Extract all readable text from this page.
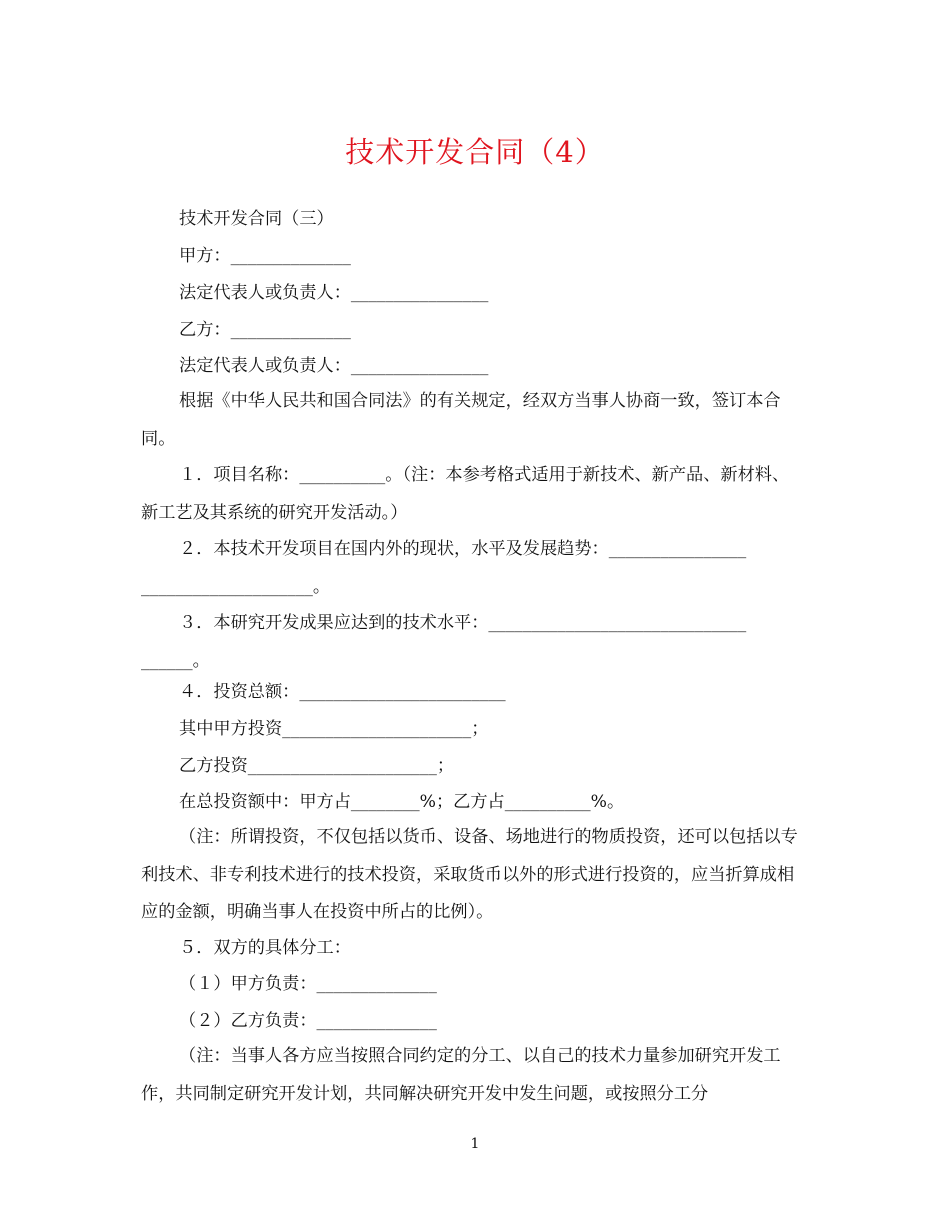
技术开发合同（4）

技术开发合同（三）

甲方：______________

法定代表人或负责人：________________

乙方：______________

法定代表人或负责人：________________

根据《中华人民共和国合同法》的有关规定，经双方当事人协商一致，签订本合同。

１．项目名称：__________。（注：本参考格式适用于新技术、新产品、新材料、新工艺及其系统的研究开发活动。）

２．本技术开发项目在国内外的现状，水平及发展趋势：________________ ____________________。

３．本研究开发成果应达到的技术水平：______________________________ ______。

４．投资总额：________________________

其中甲方投资______________________；

乙方投资______________________；

在总投资额中：甲方占________%；乙方占__________%。

（注：所谓投资，不仅包括以货币、设备、场地进行的物质投资，还可以包括以专利技术、非专利技术进行的技术投资，采取货币以外的形式进行投资的，应当折算成相应的金额，明确当事人在投资中所占的比例）。

５．双方的具体分工：

（１）甲方负责：______________

（２）乙方负责：______________

（注：当事人各方应当按照合同约定的分工、以自己的技术力量参加研究开发工作，共同制定研究开发计划，共同解决研究开发中发生问题，或按照分工分

1
